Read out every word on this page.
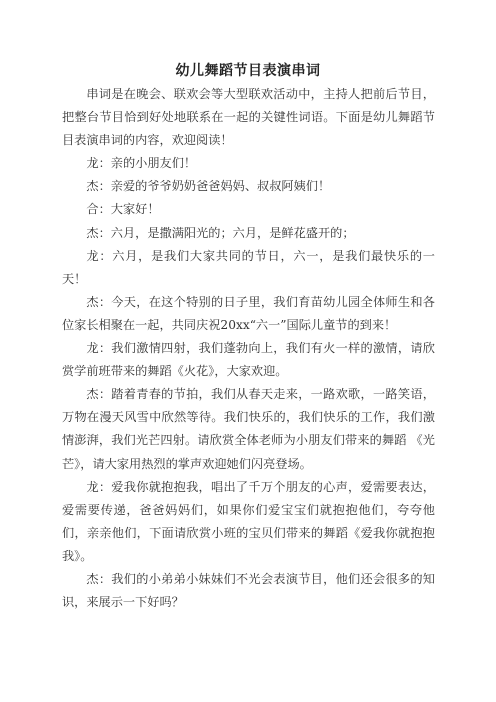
幼儿舞蹈节目表演串词

串词是在晚会、联欢会等大型联欢活动中，主持人把前后节目，把整台节目恰到好处地联系在一起的关键性词语。下面是幼儿舞蹈节目表演串词的内容，欢迎阅读！

龙：亲的小朋友们！

杰：亲爱的爷爷奶奶爸爸妈妈、叔叔阿姨们！

合：大家好！

杰：六月，是撒满阳光的；六月，是鲜花盛开的；

龙：六月，是我们大家共同的节日，六一，是我们最快乐的一天！

杰：今天，在这个特别的日子里，我们育苗幼儿园全体师生和各位家长相聚在一起，共同庆祝20xx“六一”国际儿童节的到来！

龙：我们激情四射，我们蓬勃向上，我们有火一样的激情，请欣赏学前班带来的舞蹈《火花》，大家欢迎。

杰：踏着青春的节拍，我们从春天走来，一路欢歌，一路笑语，万物在漫天风雪中欣然等待。我们快乐的，我们快乐的工作，我们激情澎湃，我们光芒四射。请欣赏全体老师为小朋友们带来的舞蹈 《光芒》，请大家用热烈的掌声欢迎她们闪亮登场。

龙：爱我你就抱抱我，唱出了千万个朋友的心声，爱需要表达，爱需要传递，爸爸妈妈们，如果你们爱宝宝们就抱抱他们，夸夸他们，亲亲他们，下面请欣赏小班的宝贝们带来的舞蹈《爱我你就抱抱我》。

杰：我们的小弟弟小妹妹们不光会表演节目，他们还会很多的知识，来展示一下好吗？
